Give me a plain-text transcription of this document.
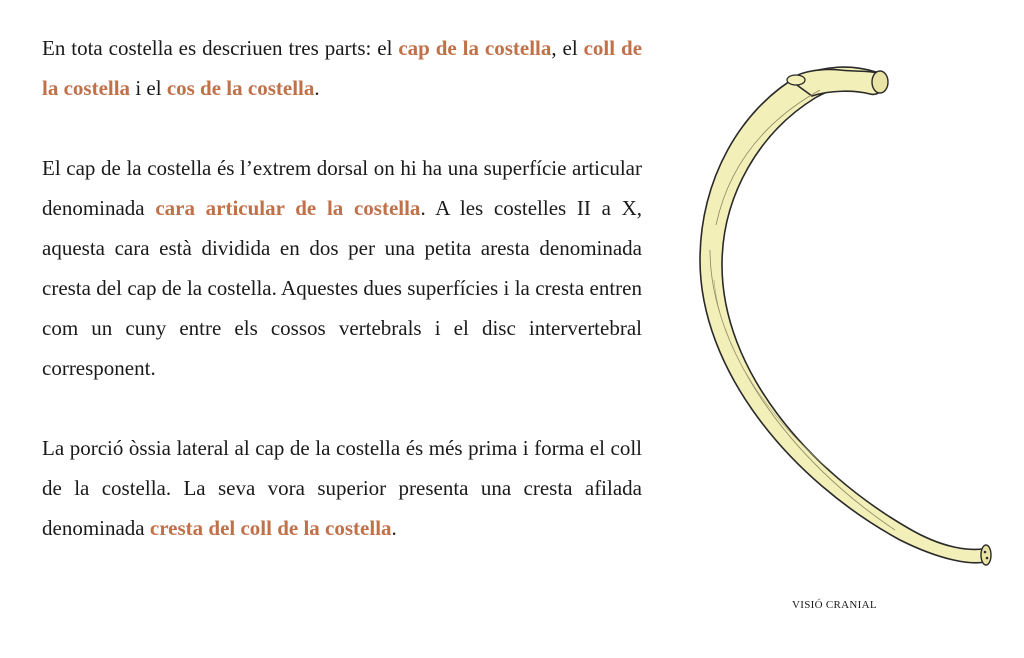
En tota costella es descriuen tres parts: el cap de la costella, el coll de la costella i el cos de la costella.

El cap de la costella és l’extrem dorsal on hi ha una superfície articular denominada cara articular de la costella. A les costelles II a X, aquesta cara està dividida en dos per una petita aresta denominada cresta del cap de la costella. Aquestes dues superfícies i la cresta entren com un cuny entre els cossos vertebrals i el disc intervertebral corresponent.

La porció òssia lateral al cap de la costella és més prima i forma el coll de la costella. La seva vora superior presenta una cresta afilada denominada cresta del coll de la costella.

VISIÓ CRANIAL
